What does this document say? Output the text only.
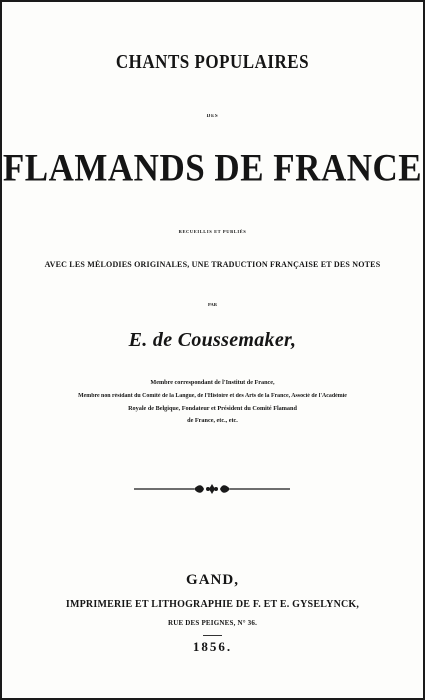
CHANTS POPULAIRES
DES
FLAMANDS DE FRANCE
RECUEILLIS ET PUBLIÉS
AVEC LES MÉLODIES ORIGINALES, UNE TRADUCTION FRANÇAISE ET DES NOTES
PAR
E. de Coussemaker,
Membre correspondant de l'Institut de France,
Membre non résidant du Comité de la Langue, de l'Histoire et des Arts de la France, Associé de l'Académie
Royale de Belgique, Fondateur et Président du Comité Flamand
de France, etc., etc.
GAND,
IMPRIMERIE ET LITHOGRAPHIE DE F. ET E. GYSELYNCK,
RUE DES PEIGNES, N° 36.
1856.
